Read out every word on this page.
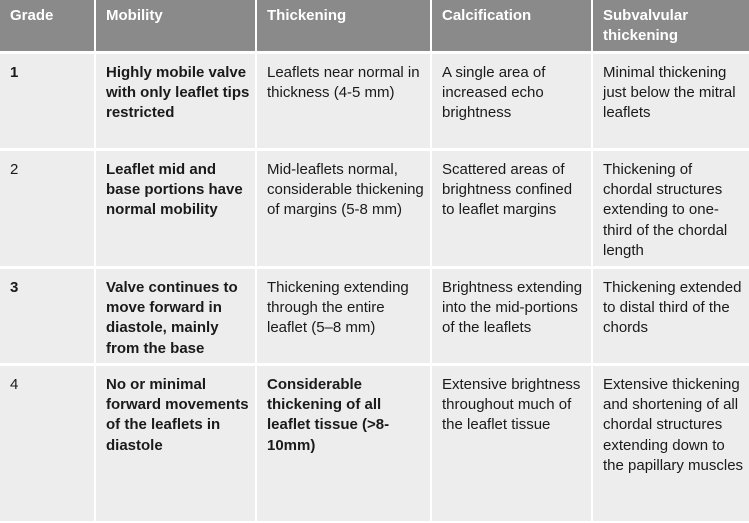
Grade	Mobility	Thickening	Calcification	Subvalvular thickening
1	Highly mobile valve with only leaflet tips restricted	Leaflets near normal in thickness (4-5 mm)	A single area of increased echo brightness	Minimal thickening just below the mitral leaflets
2	Leaflet mid and base portions have normal mobility	Mid-leaflets normal, considerable thickening of margins (5-8 mm)	Scattered areas of brightness confined to leaflet margins	Thickening of chordal structures extending to one-third of the chordal length
3	Valve continues to move forward in diastole, mainly from the base	Thickening extending through the entire leaflet (5–8 mm)	Brightness extending into the mid-portions of the leaflets	Thickening extended to distal third of the chords
4	No or minimal forward movements of the leaflets in diastole	Considerable thickening of all leaflet tissue (>8-10mm)	Extensive brightness throughout much of the leaflet tissue	Extensive thickening and shortening of all chordal structures extending down to the papillary muscles
